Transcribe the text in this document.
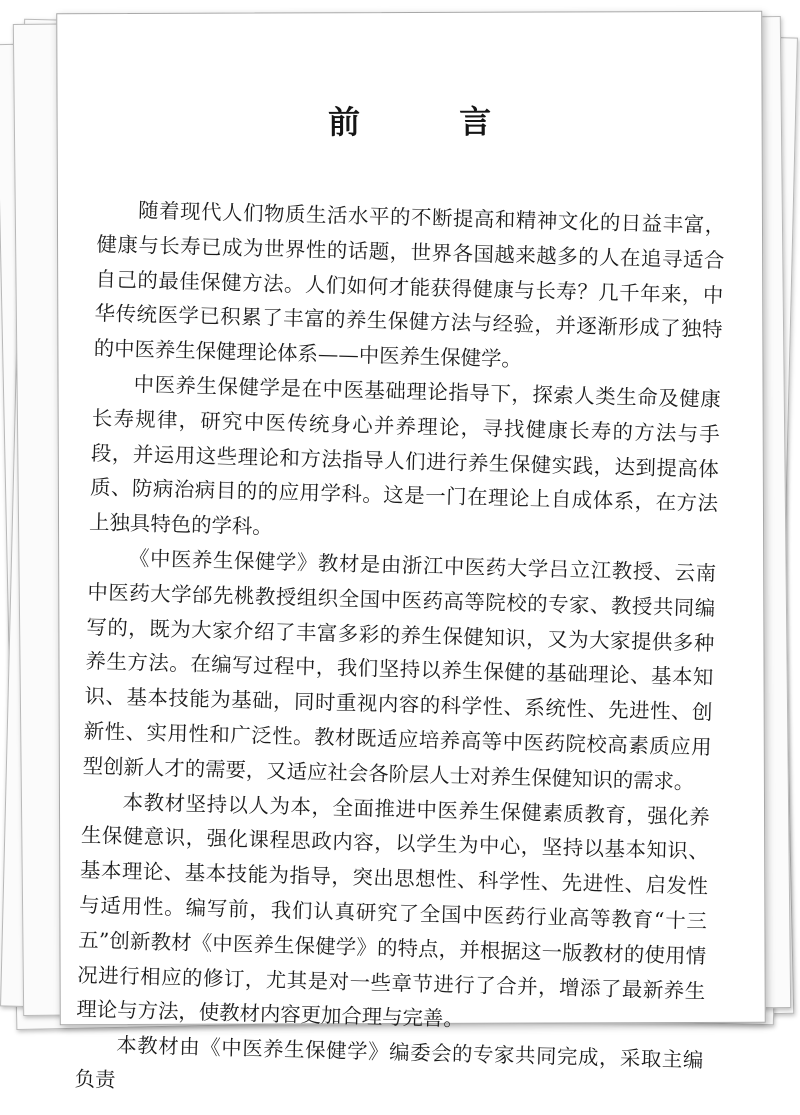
前 言

随着现代人们物质生活水平的不断提高和精神文化的日益丰富，健康与长寿已成为世界性的话题，世界各国越来越多的人在追寻适合自己的最佳保健方法。人们如何才能获得健康与长寿？几千年来，中华传统医学已积累了丰富的养生保健方法与经验，并逐渐形成了独特的中医养生保健理论体系——中医养生保健学。

中医养生保健学是在中医基础理论指导下，探索人类生命及健康长寿规律，研究中医传统身心并养理论，寻找健康长寿的方法与手段，并运用这些理论和方法指导人们进行养生保健实践，达到提高体质、防病治病目的的应用学科。这是一门在理论上自成体系，在方法上独具特色的学科。

《中医养生保健学》教材是由浙江中医药大学吕立江教授、云南中医药大学邰先桃教授组织全国中医药高等院校的专家、教授共同编写的，既为大家介绍了丰富多彩的养生保健知识，又为大家提供多种养生方法。在编写过程中，我们坚持以养生保健的基础理论、基本知识、基本技能为基础，同时重视内容的科学性、系统性、先进性、创新性、实用性和广泛性。教材既适应培养高等中医药院校高素质应用型创新人才的需要，又适应社会各阶层人士对养生保健知识的需求。

本教材坚持以人为本，全面推进中医养生保健素质教育，强化养生保健意识，强化课程思政内容，以学生为中心，坚持以基本知识、基本理论、基本技能为指导，突出思想性、科学性、先进性、启发性与适用性。编写前，我们认真研究了全国中医药行业高等教育“十三五”创新教材《中医养生保健学》的特点，并根据这一版教材的使用情况进行相应的修订，尤其是对一些章节进行了合并，增添了最新养生理论与方法，使教材内容更加合理与完善。

本教材由《中医养生保健学》编委会的专家共同完成，采取主编负责
